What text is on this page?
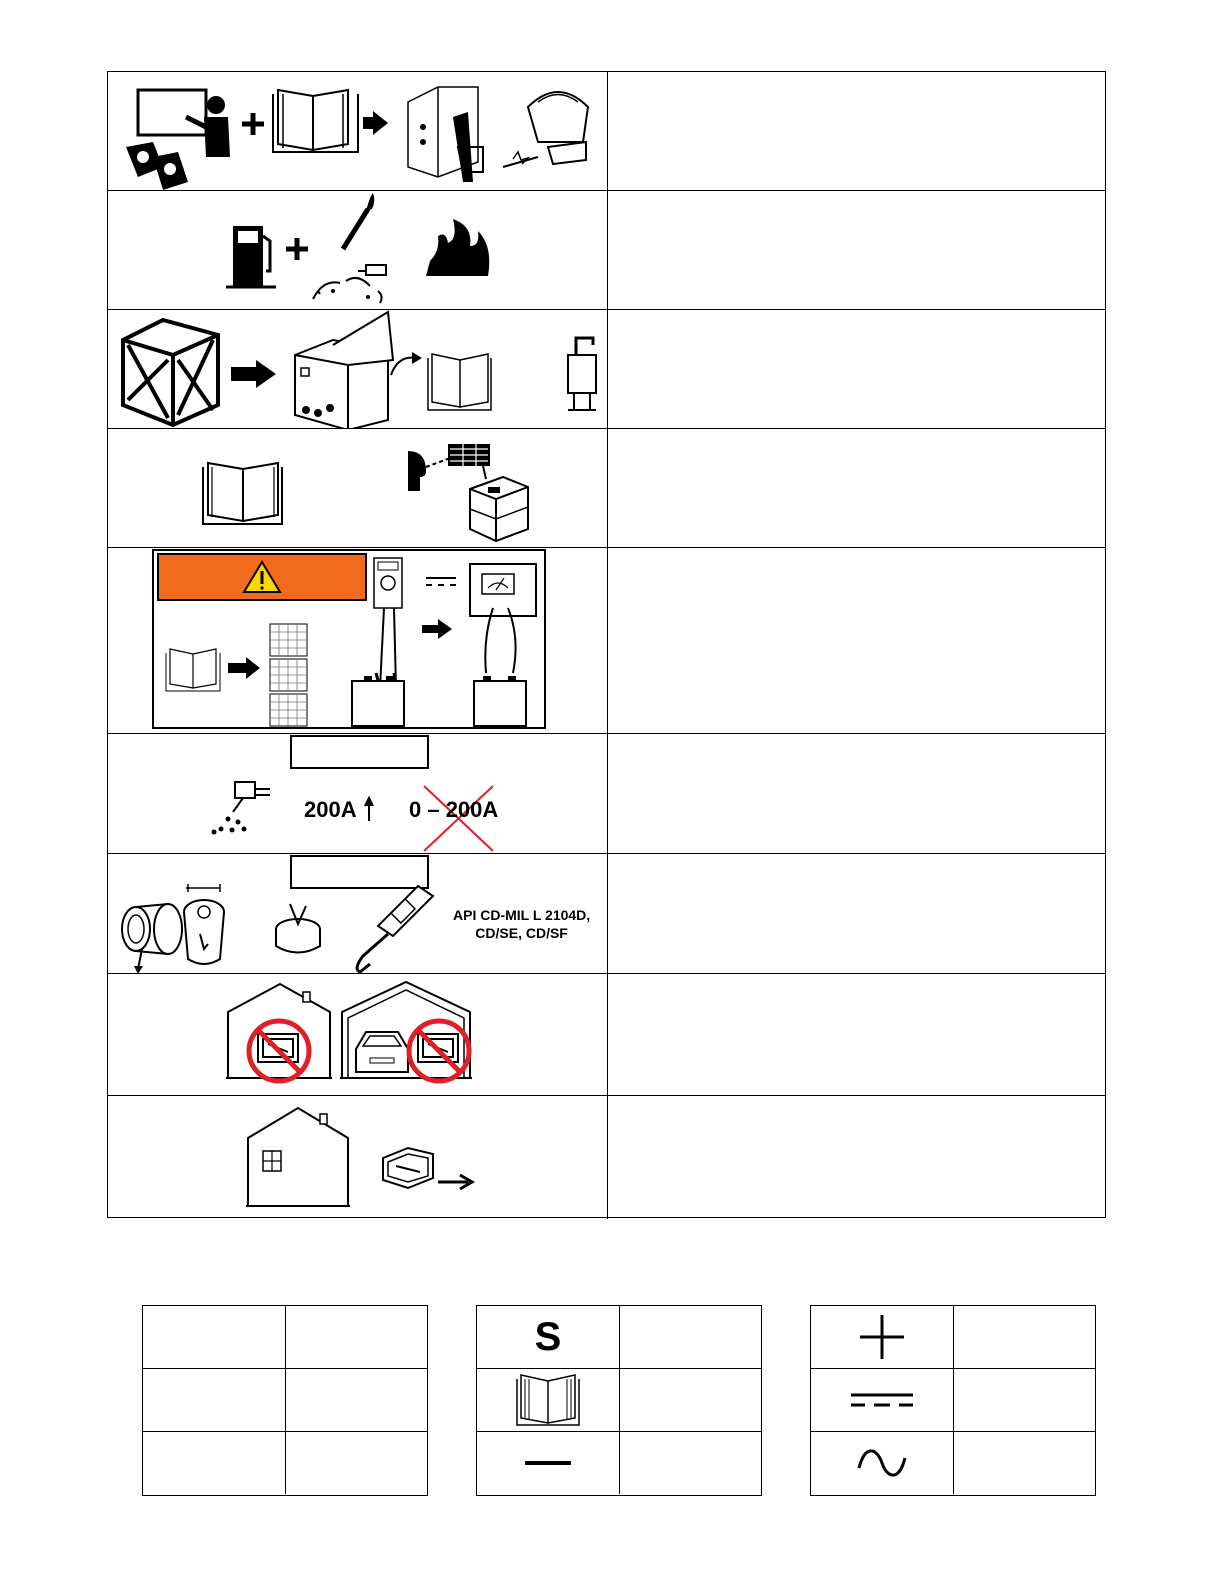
200A 0 – 200A
API CD-MIL L 2104D,
CD/SE, CD/SF
S
